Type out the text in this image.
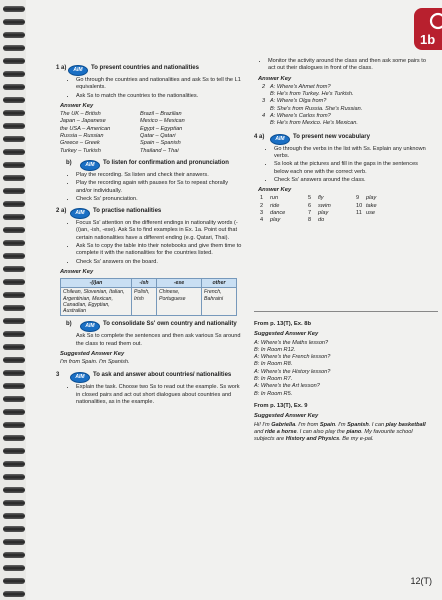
1b
1 a)	AIM	To present countries and nationalities
• Go through the countries and nationalities and ask Ss to tell the L1 equivalents.
• Ask Ss to match the countries to the nationalities.
Answer Key
The UK – British	Brazil – Brazilian
Japan – Japanese	Mexico – Mexican
the USA – American	Egypt – Egyptian
Russia – Russian	Qatar – Qatari
Greece – Greek	Spain – Spanish
Turkey – Turkish	Thailand – Thai
b)	AIM	To listen for confirmation and pronunciation
• Play the recording. Ss listen and check their answers.
• Play the recording again with pauses for Ss to repeat chorally and/or individually.
• Check Ss' pronunciation.
2 a)	AIM	To practise nationalities
• Focus Ss' attention on the different endings in nationality words (-(i)an, -ish, -ese). Ask Ss to find examples in Ex. 1a. Point out that certain nationalities have a different ending (e.g. Qatari, Thai).
• Ask Ss to copy the table into their notebooks and give them time to complete it with the nationalities for the countries listed.
• Check Ss' answers on the board.
Answer Key
-(i)an	-ish	-ese	other
Chilean, Slovenian, Italian, Argentinian, Mexican, Canadian, Egyptian, Australian	Polish, Irish	Chinese, Portuguese	French, Bahraini
b)	AIM	To consolidate Ss' own country and nationality
Ask Ss to complete the sentences and then ask various Ss around the class to read them out.
Suggested Answer Key
I'm from Spain. I'm Spanish.
3	AIM	To ask and answer about countries/ nationalities
• Explain the task. Choose two Ss to read out the example. Ss work in closed pairs and act out short dialogues about countries and nationalities, as in the example.
• Monitor the activity around the class and then ask some pairs to act out their dialogues in front of the class.
Answer Key
2 A: Where's Ahmet from?
B: He's from Turkey. He's Turkish.
3 A: Where's Olga from?
B: She's from Russia. She's Russian.
4 A: Where's Carlos from?
B: He's from Mexico. He's Mexican.
4 a)	AIM	To present new vocabulary
• Go through the verbs in the list with Ss. Explain any unknown verbs.
• Ss look at the pictures and fill in the gaps in the sentences below each one with the correct verb.
• Check Ss' answers around the class.
Answer Key
1	run	5	fly	9	play
2	ride	6	swim	10 take
3	dance	7	play	11 use
4	play	8	do
From p. 13(T), Ex. 8b
Suggested Answer Key
A: Where's the Maths lesson?
B: In Room R12.
A: Where's the French lesson?
B: In Room R8.
A: Where's the History lesson?
B: In Room R7.
A: Where's the Art lesson?
B: In Room R5.
From p. 13(T), Ex. 9
Suggested Answer Key
Hi! I'm Gabriella. I'm from Spain. I'm Spanish. I can play basketball and ride a horse. I can also play the piano. My favourite school subjects are History and Physics. Be my e-pal.
12(T)
